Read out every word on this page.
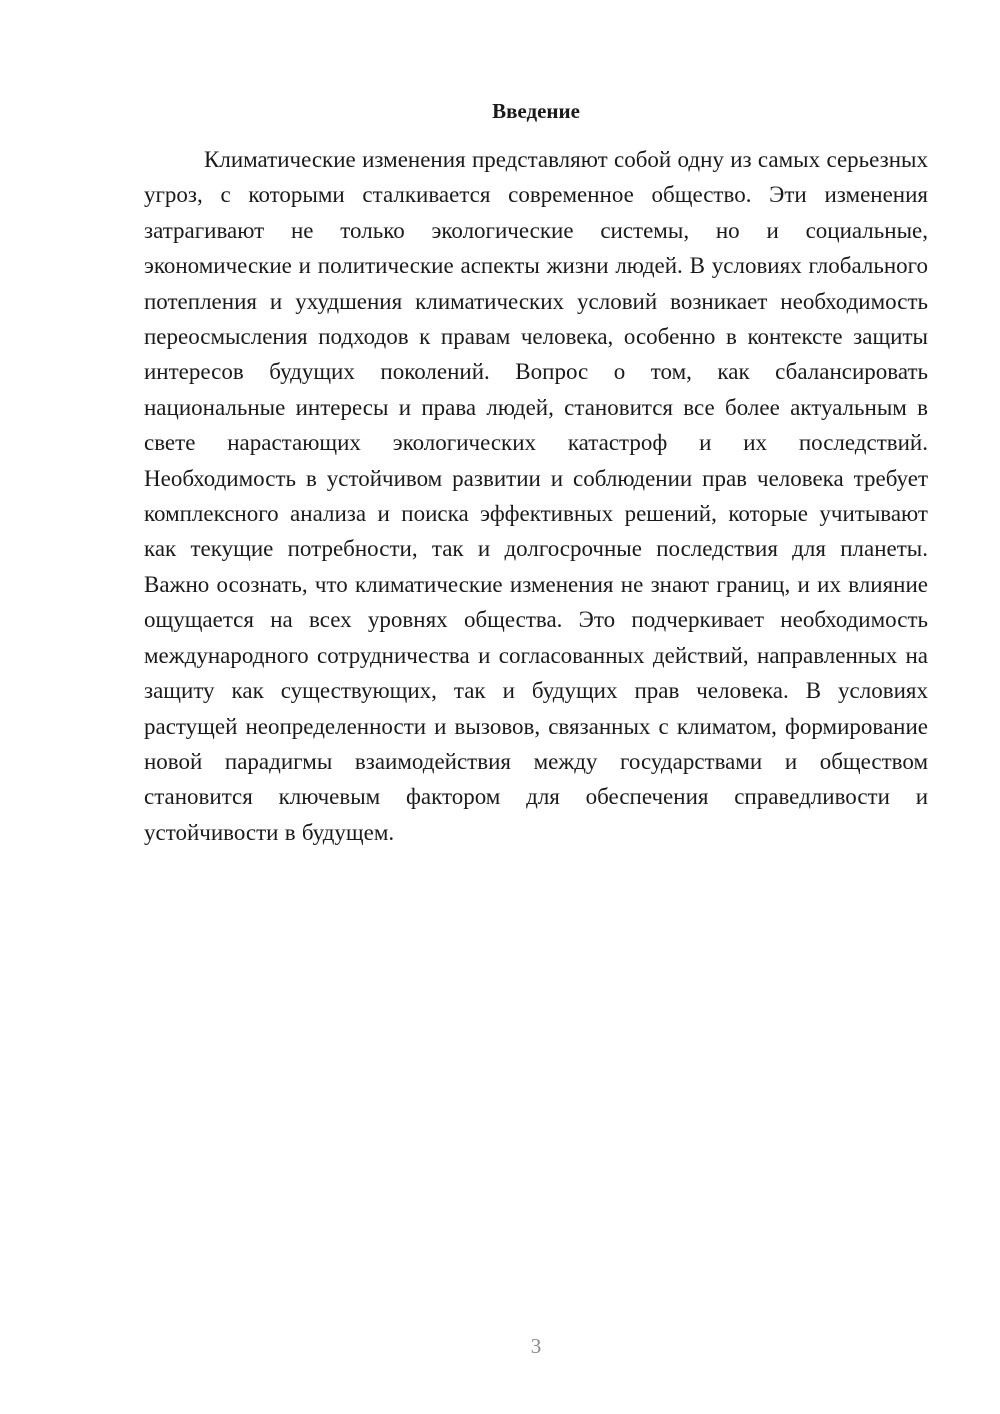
Введение

Климатические изменения представляют собой одну из самых серьезных угроз, с которыми сталкивается современное общество. Эти изменения затрагивают не только экологические системы, но и социальные, экономические и политические аспекты жизни людей. В условиях глобального потепления и ухудшения климатических условий возникает необходимость переосмысления подходов к правам человека, особенно в контексте защиты интересов будущих поколений. Вопрос о том, как сбалансировать национальные интересы и права людей, становится все более актуальным в свете нарастающих экологических катастроф и их последствий. Необходимость в устойчивом развитии и соблюдении прав человека требует комплексного анализа и поиска эффективных решений, которые учитывают как текущие потребности, так и долгосрочные последствия для планеты. Важно осознать, что климатические изменения не знают границ, и их влияние ощущается на всех уровнях общества. Это подчеркивает необходимость международного сотрудничества и согласованных действий, направленных на защиту как существующих, так и будущих прав человека. В условиях растущей неопределенности и вызовов, связанных с климатом, формирование новой парадигмы взаимодействия между государствами и обществом становится ключевым фактором для обеспечения справедливости и устойчивости в будущем.

3
